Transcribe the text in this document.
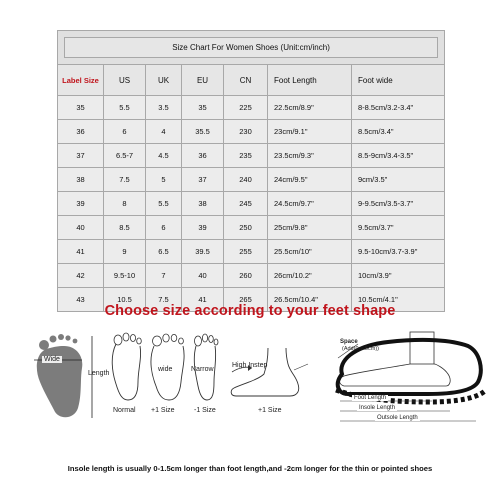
Size Chart For Women Shoes (Unit:cm/inch)						
Label Size	US	UK	EU	CN	Foot Length	Foot wide
35	5.5	3.5	35	225	22.5cm/8.9"	8-8.5cm/3.2-3.4"
36	6	4	35.5	230	23cm/9.1"	8.5cm/3.4"
37	6.5-7	4.5	36	235	23.5cm/9.3"	8.5-9cm/3.4-3.5"
38	7.5	5	37	240	24cm/9.5"	9cm/3.5"
39	8	5.5	38	245	24.5cm/9.7"	9-9.5cm/3.5-3.7"
40	8.5	6	39	250	25cm/9.8"	9.5cm/3.7"
41	9	6.5	39.5	255	25.5cm/10"	9.5-10cm/3.7-3.9"
42	9.5-10	7	40	260	26cm/10.2"	10cm/3.9"
43	10.5	7.5	41	265	26.5cm/10.4"	10.5cm/4.1"
Choose size according to your feet shape
Wide
Length
wide	Narrow
High Instep
Normal +1 Size	-1 Size	+1 Size
Space
(Add(0-1.5cm))
Foot Length
Insole Length
Outsole Length
Insole length is usually 0-1.5cm longer than foot length,and -2cm longer for the thin or pointed shoes
